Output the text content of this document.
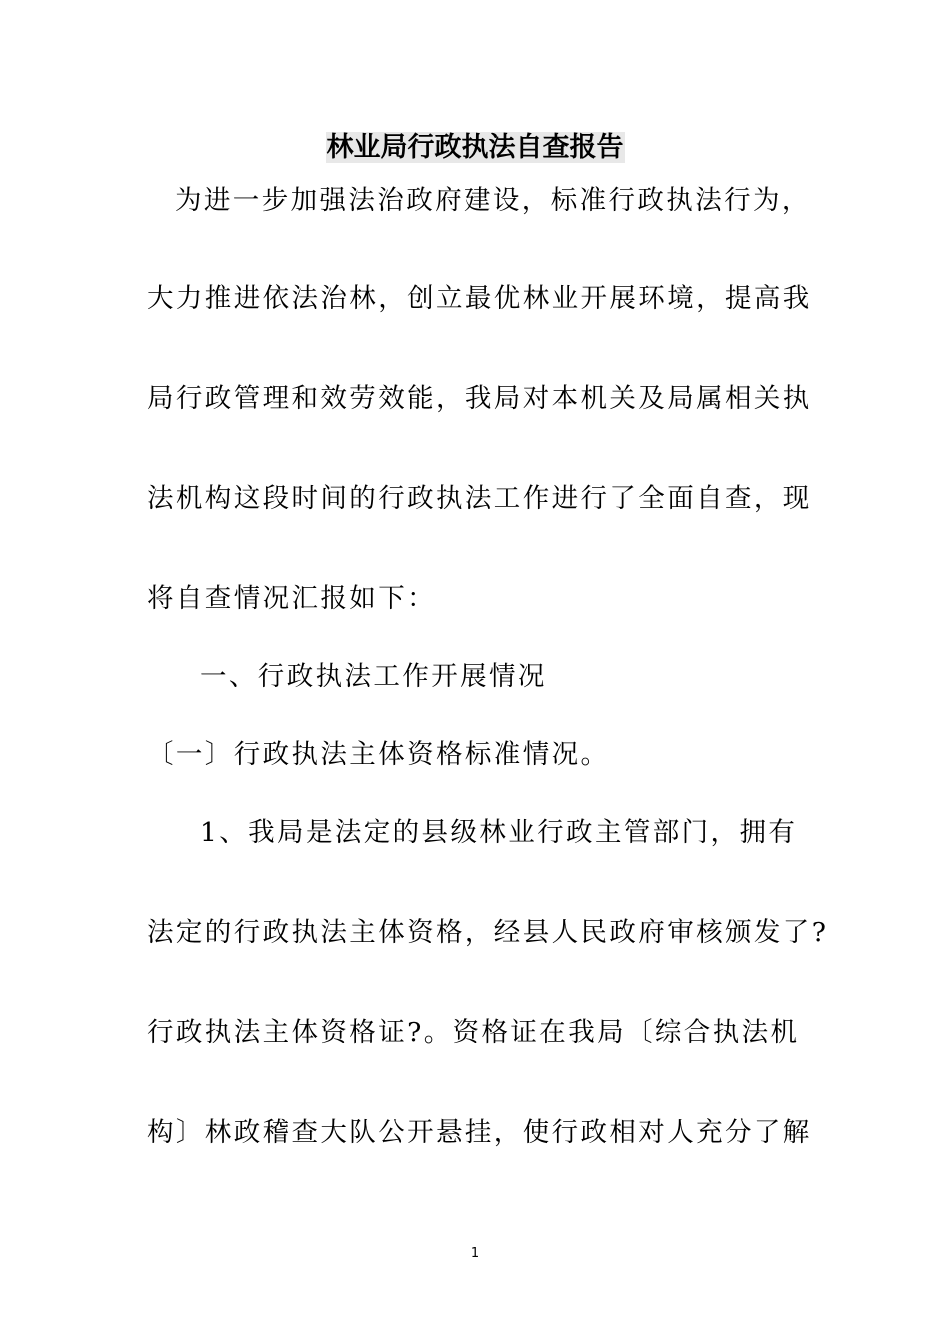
林业局行政执法自查报告
为进一步加强法治政府建设，标准行政执法行为，
大力推进依法治林，创立最优林业开展环境，提高我
局行政管理和效劳效能，我局对本机关及局属相关执
法机构这段时间的行政执法工作进行了全面自查，现
将自查情况汇报如下：
一、行政执法工作开展情况
〔一〕行政执法主体资格标准情况。
1、我局是法定的县级林业行政主管部门，拥有
法定的行政执法主体资格，经县人民政府审核颁发了?
行政执法主体资格证?。资格证在我局〔综合执法机
构〕林政稽查大队公开悬挂，使行政相对人充分了解
1
